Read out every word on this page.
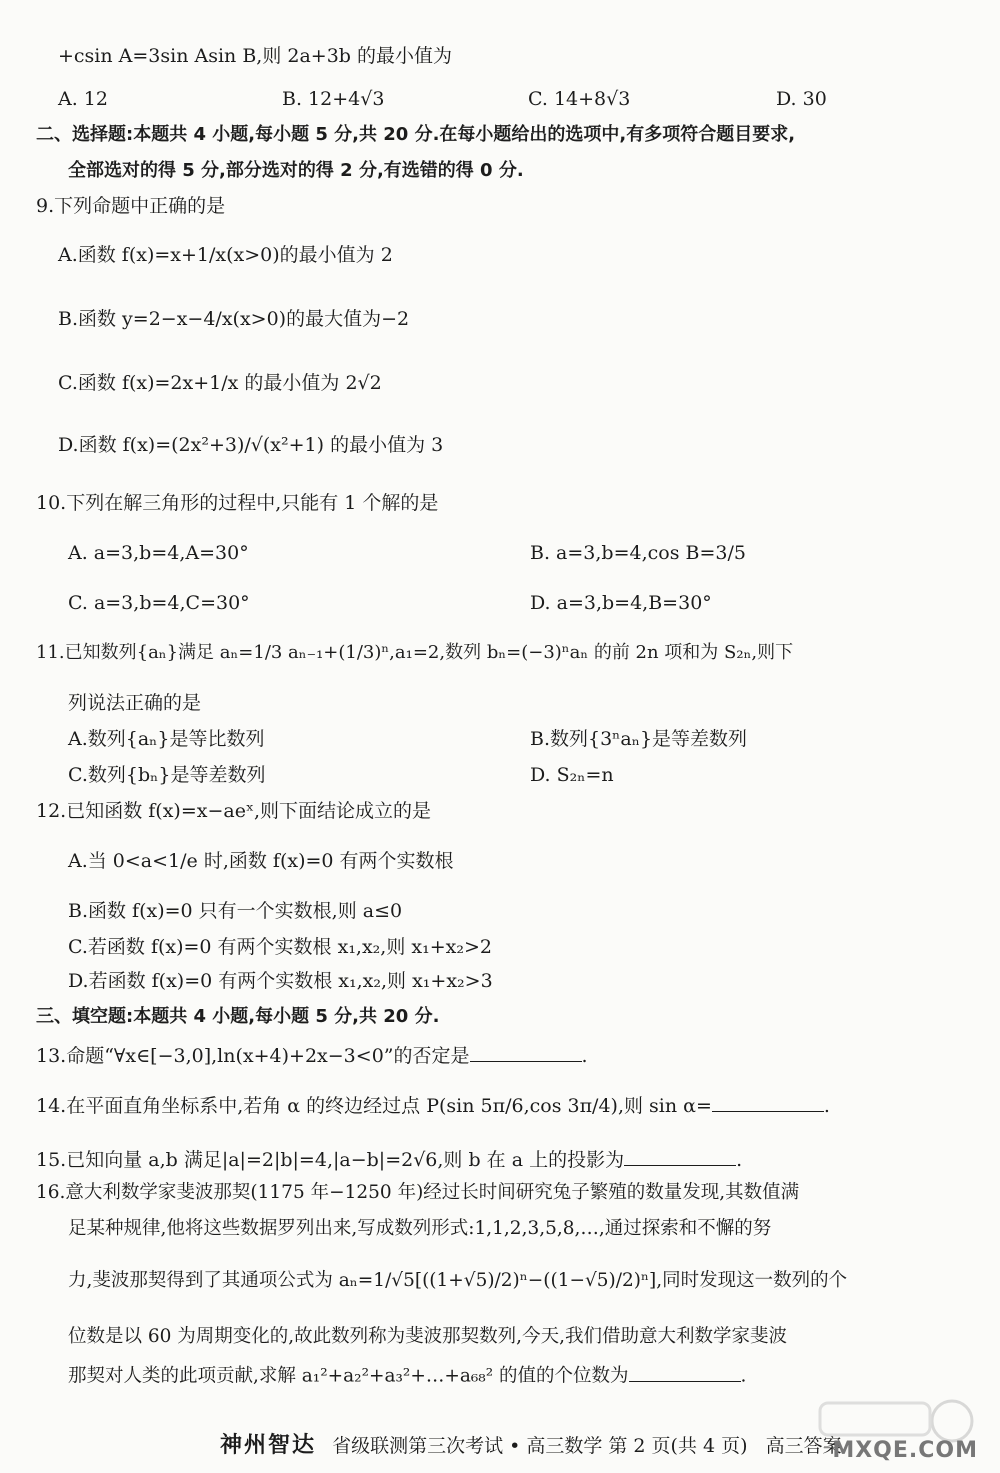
+csin A=3sin Asin B,则 2a+3b 的最小值为
A. 12	B. 12+4√3	C. 14+8√3	D. 30
二、选择题:本题共 4 小题,每小题 5 分,共 20 分.在每小题给出的选项中,有多项符合题目要求,
全部选对的得 5 分,部分选对的得 2 分,有选错的得 0 分.
9.下列命题中正确的是
A.函数 f(x)=x+1/x(x>0)的最小值为 2
B.函数 y=2−x−4/x(x>0)的最大值为−2
C.函数 f(x)=2x+1/x 的最小值为 2√2
D.函数 f(x)=(2x²+3)/√(x²+1) 的最小值为 3
10.下列在解三角形的过程中,只能有 1 个解的是
A. a=3,b=4,A=30°	B. a=3,b=4,cos B=3/5
C. a=3,b=4,C=30°	D. a=3,b=4,B=30°
11.已知数列{aₙ}满足 aₙ=1/3 aₙ₋₁+(1/3)ⁿ,a₁=2,数列 bₙ=(−3)ⁿaₙ 的前 2n 项和为 S₂ₙ,则下
列说法正确的是
A.数列{aₙ}是等比数列	B.数列{3ⁿaₙ}是等差数列
C.数列{bₙ}是等差数列	D. S₂ₙ=n
12.已知函数 f(x)=x−aeˣ,则下面结论成立的是
A.当 0<a<1/e 时,函数 f(x)=0 有两个实数根
B.函数 f(x)=0 只有一个实数根,则 a≤0
C.若函数 f(x)=0 有两个实数根 x₁,x₂,则 x₁+x₂>2
D.若函数 f(x)=0 有两个实数根 x₁,x₂,则 x₁+x₂>3
三、填空题:本题共 4 小题,每小题 5 分,共 20 分.
13.命题“∀x∈[−3,0],ln(x+4)+2x−3<0”的否定是	.
14.在平面直角坐标系中,若角 α 的终边经过点 P(sin 5π/6,cos 3π/4),则 sin α=	.
15.已知向量 a,b 满足|a|=2|b|=4,|a−b|=2√6,则 b 在 a 上的投影为	.
16.意大利数学家斐波那契(1175 年−1250 年)经过长时间研究兔子繁殖的数量发现,其数值满
足某种规律,他将这些数据罗列出来,写成数列形式:1,1,2,3,5,8,…,通过探索和不懈的努
力,斐波那契得到了其通项公式为 aₙ=1/√5[((1+√5)/2)ⁿ−((1−√5)/2)ⁿ],同时发现这一数列的个
位数是以 60 为周期变化的,故此数列称为斐波那契数列,今天,我们借助意大利数学家斐波
那契对人类的此项贡献,求解 a₁²+a₂²+a₃²+…+a₆₈² 的值的个位数为	.
神州智达 省级联测第三次考试 • 高三数学 第 2 页(共 4 页) 高三答案
MXQE.COM
